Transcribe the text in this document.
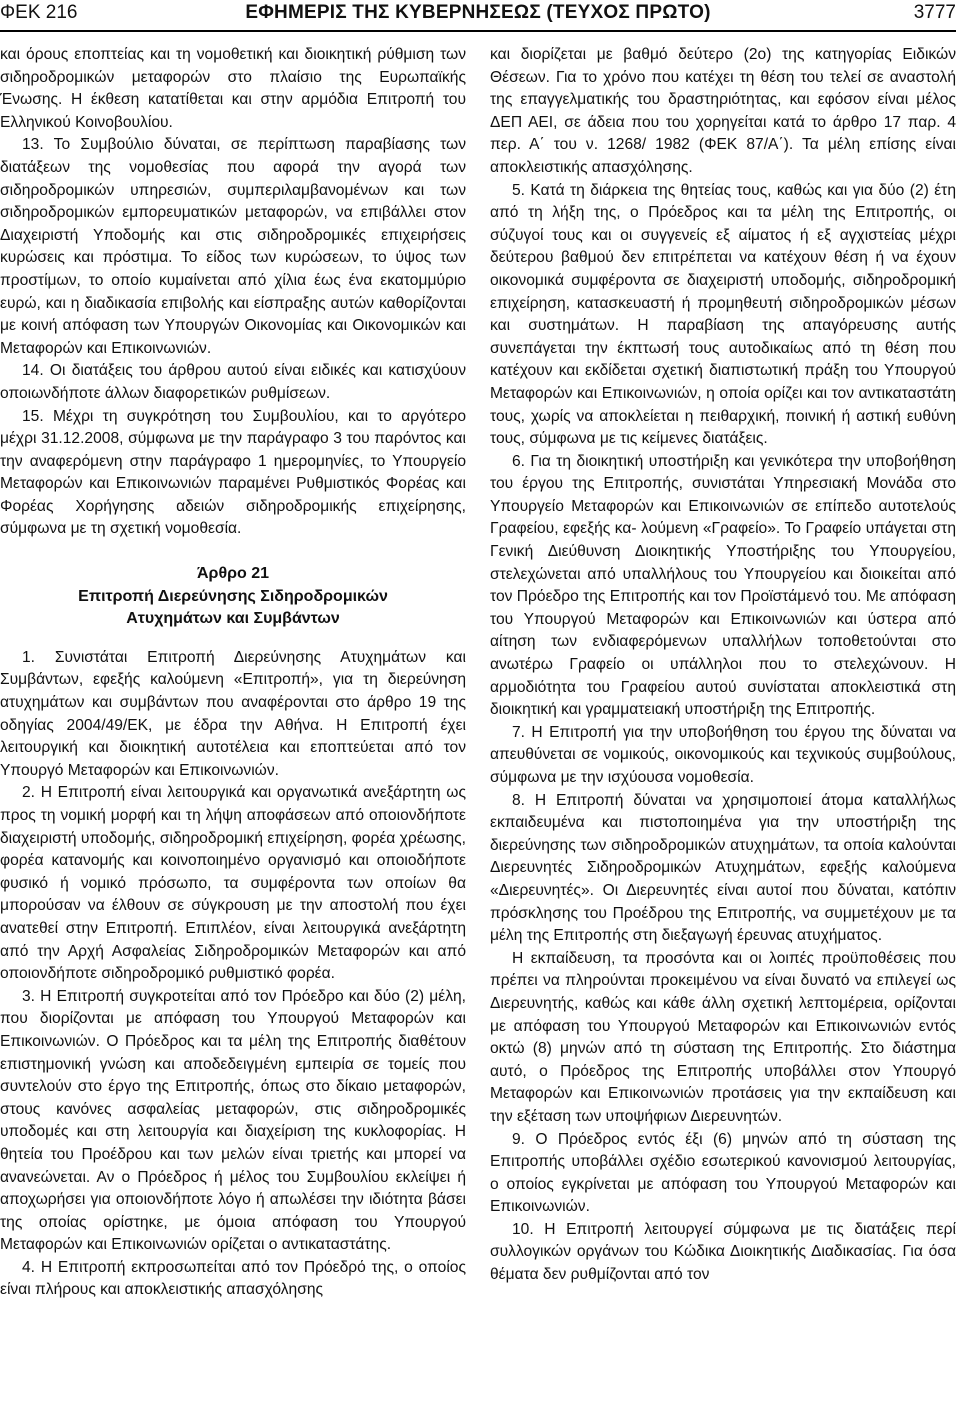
ΕΦΗΜΕΡΙΣ ΤΗΣ ΚΥΒΕΡΝΗΣΕΩΣ (ΤΕΥΧΟΣ ΠΡΩΤΟ)
ΦΕΚ 216	3777

και όρους εποπτείας και τη νομοθετική και διοικητική ρύθμιση των σιδηροδρομικών μεταφορών στο πλαίσιο της Ευρωπαϊκής Ένωσης. Η έκθεση κατατίθεται και στην αρμόδια Επιτροπή του Ελληνικού Κοινοβουλίου.

13. Το Συμβούλιο δύναται, σε περίπτωση παραβίασης των διατάξεων της νομοθεσίας που αφορά την αγορά των σιδηροδρομικών υπηρεσιών, συμπεριλαμβανομένων και των σιδηροδρομικών εμπορευματικών μεταφορών, να επιβάλλει στον Διαχειριστή Υποδομής και στις σιδηροδρομικές επιχειρήσεις κυρώσεις και πρόστιμα. Το είδος των κυρώσεων, το ύψος των προστίμων, το οποίο κυμαίνεται από χίλια έως ένα εκατομμύριο ευρώ, και η διαδικασία επιβολής και είσπραξης αυτών καθορίζονται με κοινή απόφαση των Υπουργών Οικονομίας και Οικονομικών και Μεταφορών και Επικοινωνιών.

14. Οι διατάξεις του άρθρου αυτού είναι ειδικές και κατισχύουν οποιωνδήποτε άλλων διαφορετικών ρυθμίσεων.

15. Μέχρι τη συγκρότηση του Συμβουλίου, και το αργότερο μέχρι 31.12.2008, σύμφωνα με την παράγραφο 3 του παρόντος και την αναφερόμενη στην παράγραφο 1 ημερομηνίες, το Υπουργείο Μεταφορών και Επικοινωνιών παραμένει Ρυθμιστικός Φορέας και Φορέας Χορήγησης αδειών σιδηροδρομικής επιχείρησης, σύμφωνα με τη σχετική νομοθεσία.

Άρθρο 21
Επιτροπή Διερεύνησης Σιδηροδρομικών
Ατυχημάτων και Συμβάντων

1. Συνιστάται Επιτροπή Διερεύνησης Ατυχημάτων και Συμβάντων, εφεξής καλούμενη «Επιτροπή», για τη διερεύνηση ατυχημάτων και συμβάντων που αναφέρονται στο άρθρο 19 της οδηγίας 2004/49/ΕΚ, με έδρα την Αθήνα. Η Επιτροπή έχει λειτουργική και διοικητική αυτοτέλεια και εποπτεύεται από τον Υπουργό Μεταφορών και Επικοινωνιών.

2. Η Επιτροπή είναι λειτουργικά και οργανωτικά ανεξάρτητη ως προς τη νομική μορφή και τη λήψη αποφάσεων από οποιονδήποτε διαχειριστή υποδομής, σιδηροδρομική επιχείρηση, φορέα χρέωσης, φορέα κατανομής και κοινοποιημένο οργανισμό και οποιοδήποτε φυσικό ή νομικό πρόσωπο, τα συμφέροντα των οποίων θα μπορούσαν να έλθουν σε σύγκρουση με την αποστολή που έχει ανατεθεί στην Επιτροπή. Επιπλέον, είναι λειτουργικά ανεξάρτητη από την Αρχή Ασφαλείας Σιδηροδρομικών Μεταφορών και από οποιονδήποτε σιδηροδρομικό ρυθμιστικό φορέα.

3. Η Επιτροπή συγκροτείται από τον Πρόεδρο και δύο (2) μέλη, που διορίζονται με απόφαση του Υπουργού Μεταφορών και Επικοινωνιών. Ο Πρόεδρος και τα μέλη της Επιτροπής διαθέτουν επιστημονική γνώση και αποδεδειγμένη εμπειρία σε τομείς που συντελούν στο έργο της Επιτροπής, όπως στο δίκαιο μεταφορών, στους κανόνες ασφαλείας μεταφορών, στις σιδηροδρομικές υποδομές και στη λειτουργία και διαχείριση της κυκλοφορίας. Η θητεία του Προέδρου και των μελών είναι τριετής και μπορεί να ανανεώνεται. Αν ο Πρόεδρος ή μέλος του Συμβουλίου εκλείψει ή αποχωρήσει για οποιονδήποτε λόγο ή απωλέσει την ιδιότητα βάσει της οποίας ορίστηκε, με όμοια απόφαση του Υπουργού Μεταφορών και Επικοινωνιών ορίζεται ο αντικαταστάτης.

4. Η Επιτροπή εκπροσωπείται από τον Πρόεδρό της, ο οποίος είναι πλήρους και αποκλειστικής απασχόλησης

και διορίζεται με βαθμό δεύτερο (2ο) της κατηγορίας Ειδικών Θέσεων. Για το χρόνο που κατέχει τη θέση του τελεί σε αναστολή της επαγγελματικής του δραστηριότητας, και εφόσον είναι μέλος ΔΕΠ ΑΕΙ, σε άδεια που του χορηγείται κατά το άρθρο 17 παρ. 4 περ. Α΄ του ν. 1268/ 1982 (ΦΕΚ 87/Α΄). Τα μέλη επίσης είναι αποκλειστικής απασχόλησης.

5. Κατά τη διάρκεια της θητείας τους, καθώς και για δύο (2) έτη από τη λήξη της, ο Πρόεδρος και τα μέλη της Επιτροπής, οι σύζυγοί τους και οι συγγενείς εξ αίματος ή εξ αγχιστείας μέχρι δεύτερου βαθμού δεν επιτρέπεται να κατέχουν θέση ή να έχουν οικονομικά συμφέροντα σε διαχειριστή υποδομής, σιδηροδρομική επιχείρηση, κατασκευαστή ή προμηθευτή σιδηροδρομικών μέσων και συστημάτων. Η παραβίαση της απαγόρευσης αυτής συνεπάγεται την έκπτωσή τους αυτοδικαίως από τη θέση που κατέχουν και εκδίδεται σχετική διαπιστωτική πράξη του Υπουργού Μεταφορών και Επικοινωνιών, η οποία ορίζει και τον αντικαταστάτη τους, χωρίς να αποκλείεται η πειθαρχική, ποινική ή αστική ευθύνη τους, σύμφωνα με τις κείμενες διατάξεις.

6. Για τη διοικητική υποστήριξη και γενικότερα την υποβοήθηση του έργου της Επιτροπής, συνιστάται Υπηρεσιακή Μονάδα στο Υπουργείο Μεταφορών και Επικοινωνιών σε επίπεδο αυτοτελούς Γραφείου, εφεξής κα- λούμενη «Γραφείο». Το Γραφείο υπάγεται στη Γενική Διεύθυνση Διοικητικής Υποστήριξης του Υπουργείου, στελεχώνεται από υπαλλήλους του Υπουργείου και διοικείται από τον Πρόεδρο της Επιτροπής και τον Προϊστάμενό του. Με απόφαση του Υπουργού Μεταφορών και Επικοινωνιών και ύστερα από αίτηση των ενδιαφερόμενων υπαλλήλων τοποθετούνται στο ανωτέρω Γραφείο οι υπάλληλοι που το στελεχώνουν. Η αρμοδιότητα του Γραφείου αυτού συνίσταται αποκλειστικά στη διοικητική και γραμματειακή υποστήριξη της Επιτροπής.

7. Η Επιτροπή για την υποβοήθηση του έργου της δύναται να απευθύνεται σε νομικούς, οικονομικούς και τεχνικούς συμβούλους, σύμφωνα με την ισχύουσα νομοθεσία.

8. Η Επιτροπή δύναται να χρησιμοποιεί άτομα καταλλήλως εκπαιδευμένα και πιστοποιημένα για την υποστήριξη της διερεύνησης των σιδηροδρομικών ατυχημάτων, τα οποία καλούνται Διερευνητές Σιδηροδρομικών Ατυχημάτων, εφεξής καλούμενα «Διερευνητές». Οι Διερευνητές είναι αυτοί που δύναται, κατόπιν πρόσκλησης του Προέδρου της Επιτροπής, να συμμετέχουν με τα μέλη της Επιτροπής στη διεξαγωγή έρευνας ατυχήματος.

Η εκπαίδευση, τα προσόντα και οι λοιπές προϋποθέσεις που πρέπει να πληρούνται προκειμένου να είναι δυνατό να επιλεγεί ως Διερευνητής, καθώς και κάθε άλλη σχετική λεπτομέρεια, ορίζονται με απόφαση του Υπουργού Μεταφορών και Επικοινωνιών εντός οκτώ (8) μηνών από τη σύσταση της Επιτροπής. Στο διάστημα αυτό, ο Πρόεδρος της Επιτροπής υποβάλλει στον Υπουργό Μεταφορών και Επικοινωνιών προτάσεις για την εκπαίδευση και την εξέταση των υποψήφιων Διερευνητών.

9. Ο Πρόεδρος εντός έξι (6) μηνών από τη σύσταση της Επιτροπής υποβάλλει σχέδιο εσωτερικού κανονισμού λειτουργίας, ο οποίος εγκρίνεται με απόφαση του Υπουργού Μεταφορών και Επικοινωνιών.

10. Η Επιτροπή λειτουργεί σύμφωνα με τις διατάξεις περί συλλογικών οργάνων του Κώδικα Διοικητικής Διαδικασίας. Για όσα θέματα δεν ρυθμίζονται από τον
